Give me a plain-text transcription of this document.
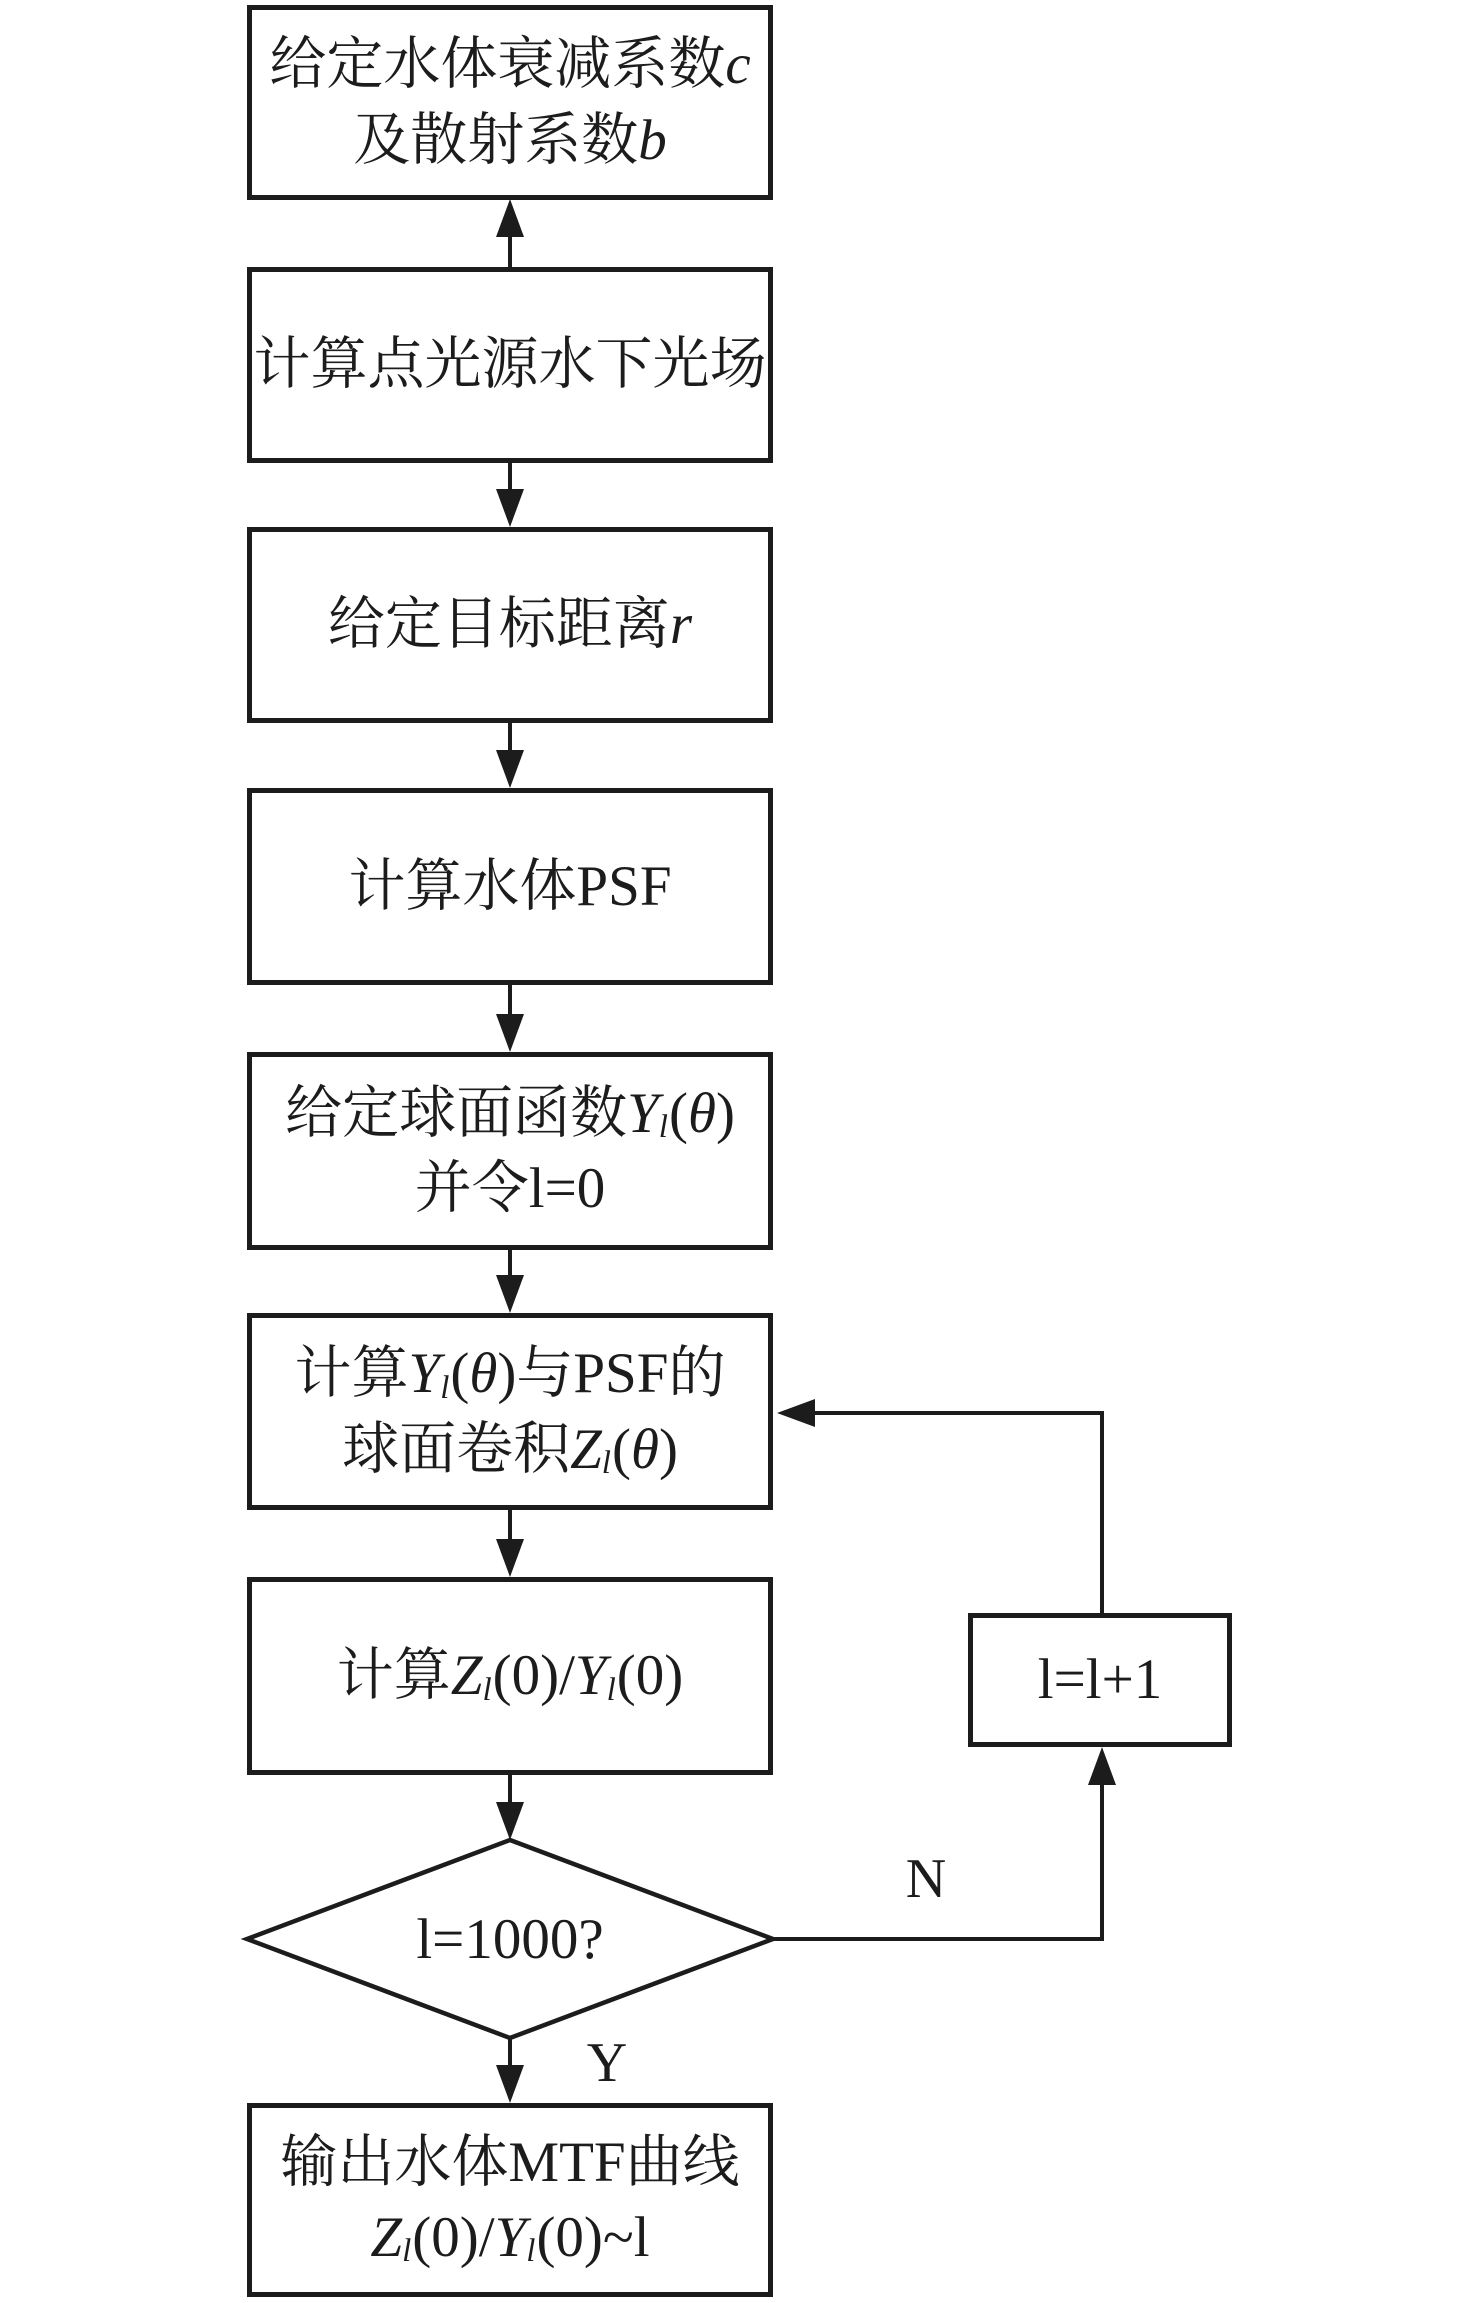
给定水体衰减系数c
及散射系数b
计算点光源水下光场
给定目标距离r
计算水体PSF
给定球面函数Yl(θ)
并令l=0
计算Yl(θ)与PSF的
球面卷积Zl(θ)
计算Zl(0)/Yl(0)
l=1000?
输出水体MTF曲线
Zl(0)/Yl(0)~l
l=l+1
N
Y
